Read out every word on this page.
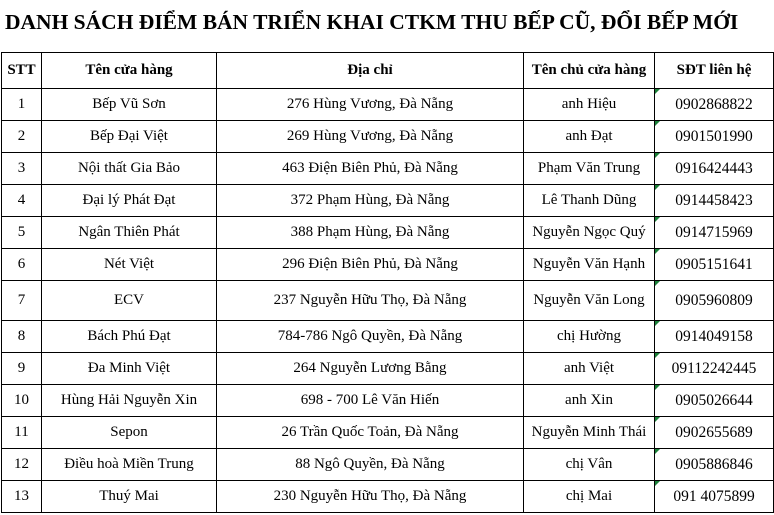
DANH SÁCH ĐIỂM BÁN TRIỂN KHAI CTKM THU BẾP CŨ, ĐỔI BẾP MỚI
STT	Tên cửa hàng	Địa chỉ	Tên chủ cửa hàng	SĐT liên hệ
1	Bếp Vũ Sơn	276 Hùng Vương, Đà Nẵng	anh Hiệu	0902868822
2	Bếp Đại Việt	269 Hùng Vương, Đà Nẵng	anh Đạt	0901501990
3	Nội thất Gia Bảo	463 Điện Biên Phủ, Đà Nẵng	Phạm Văn Trung	0916424443
4	Đại lý Phát Đạt	372 Phạm Hùng, Đà Nẵng	Lê Thanh Dũng	0914458423
5	Ngân Thiên Phát	388 Phạm Hùng, Đà Nẵng	Nguyễn Ngọc Quý	0914715969
6	Nét Việt	296 Điện Biên Phủ, Đà Nẵng	Nguyễn Văn Hạnh	0905151641
7	ECV	237 Nguyễn Hữu Thọ, Đà Nẵng	Nguyễn Văn Long	0905960809
8	Bách Phú Đạt	784-786 Ngô Quyền, Đà Nẵng	chị Hường	0914049158
9	Đa Minh Việt	264 Nguyễn Lương Bằng	anh Việt	09112242445
10	Hùng Hải Nguyễn Xin	698 - 700 Lê Văn Hiến	anh Xin	0905026644
11	Sepon	26 Trần Quốc Toản, Đà Nẵng	Nguyễn Minh Thái	0902655689
12	Điều hoà Miền Trung	88 Ngô Quyền, Đà Nẵng	chị Vân	0905886846
13	Thuý Mai	230 Nguyễn Hữu Thọ, Đà Nẵng	chị Mai	091 4075899
